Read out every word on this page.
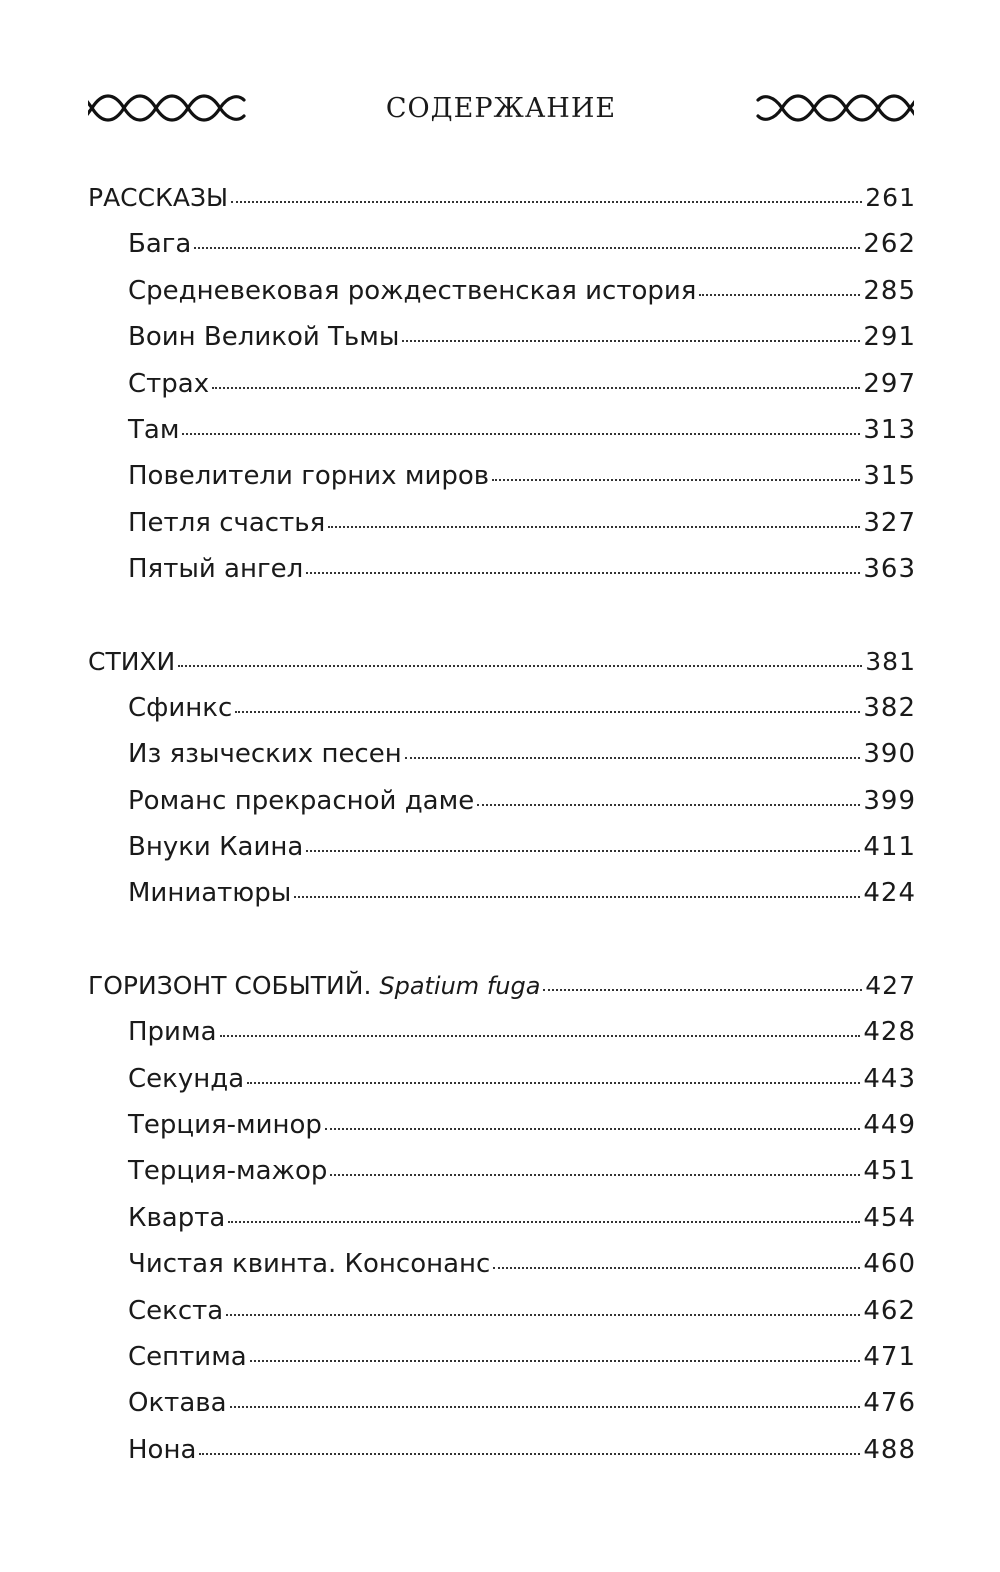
СОДЕРЖАНИЕ
РАССКАЗЫ	261
Бага	262
Средневековая рождественская история	285
Воин Великой Тьмы	291
Страх	297
Там	313
Повелители горних миров	315
Петля счастья	327
Пятый ангел	363
СТИХИ	381
Сфинкс	382
Из языческих песен	390
Романс прекрасной даме	399
Внуки Каина	411
Миниатюры	424
ГОРИЗОНТ СОБЫТИЙ. Spatium fuga	427
Прима	428
Секунда	443
Терция-минор	449
Терция-мажор	451
Кварта	454
Чистая квинта. Консонанс	460
Секста	462
Септима	471
Октава	476
Нона	488
